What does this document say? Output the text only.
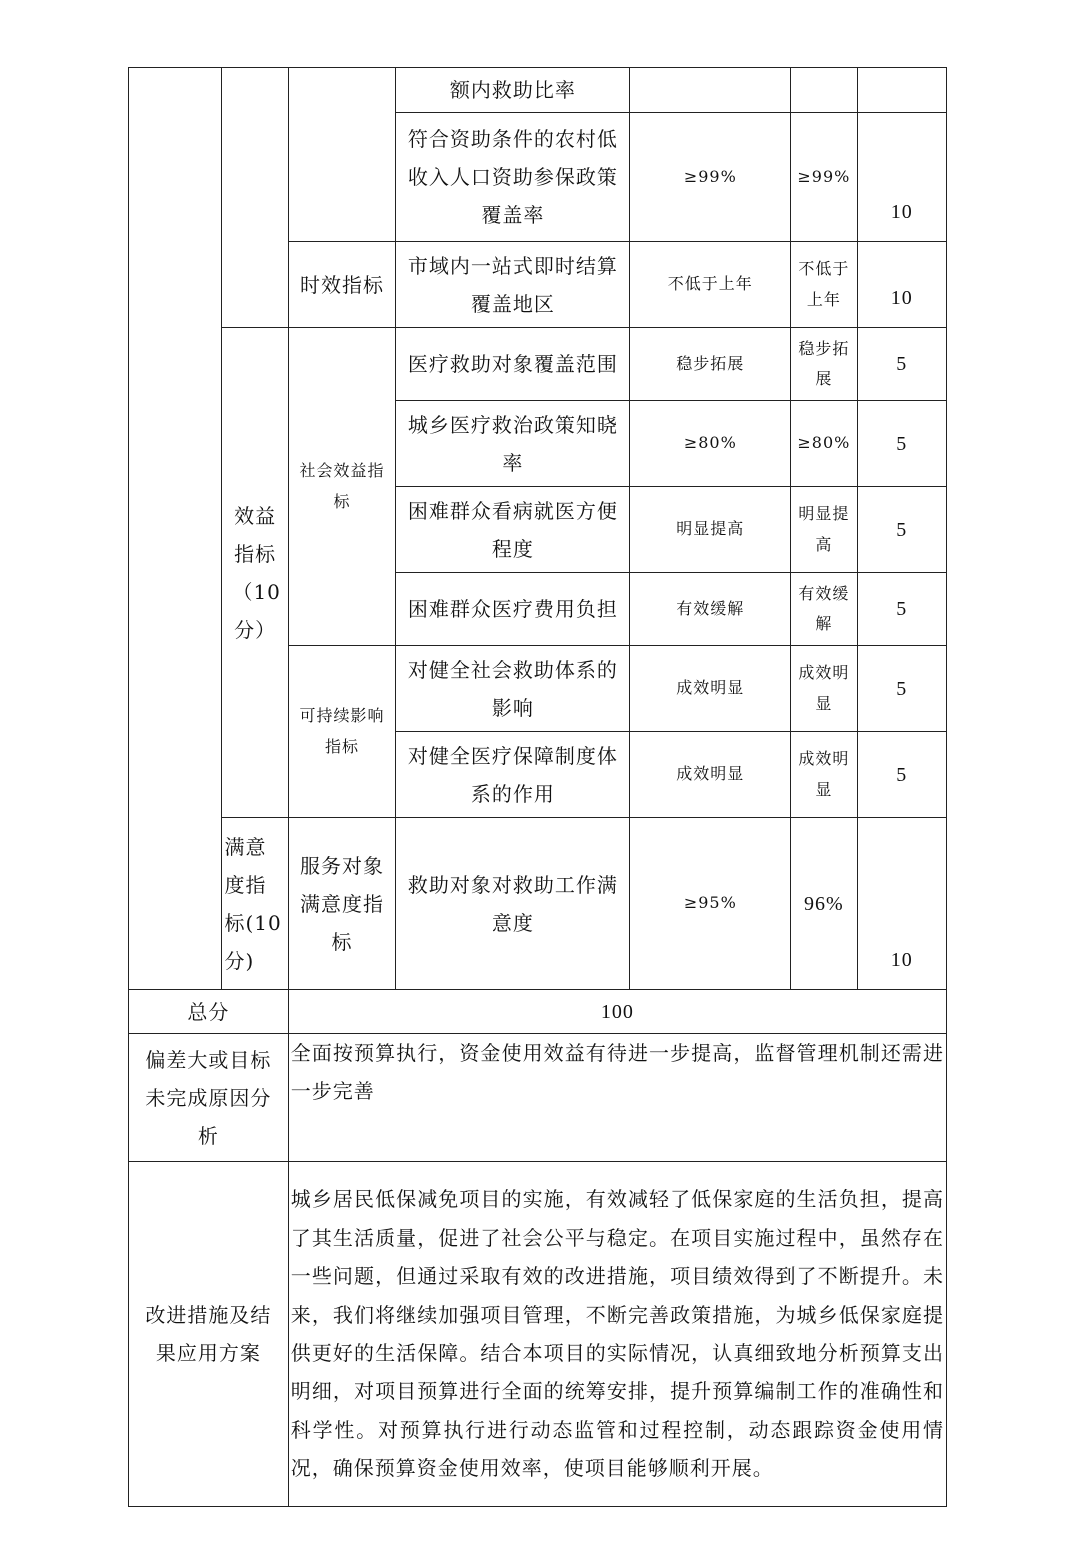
			额内救助比率			
			符合资助条件的农村低收入人口资助参保政策覆盖率	≥99%	≥99%	10
		时效指标	市域内一站式即时结算覆盖地区	不低于上年	不低于上年	10
	效益指标（10分）	社会效益指标	医疗救助对象覆盖范围	稳步拓展	稳步拓展	5
			城乡医疗救治政策知晓率	≥80%	≥80%	5
			困难群众看病就医方便程度	明显提高	明显提高	5
			困难群众医疗费用负担	有效缓解	有效缓解	5
		可持续影响指标	对健全社会救助体系的影响	成效明显	成效明显	5
			对健全医疗保障制度体系的作用	成效明显	成效明显	5
	满意度指标(10分)	服务对象满意度指标	救助对象对救助工作满意度	≥95%	96%	10
总分		100				
偏差大或目标未完成原因分析		全面按预算执行，资金使用效益有待进一步提高，监督管理机制还需进一步完善				
改进措施及结果应用方案		城乡居民低保减免项目的实施，有效减轻了低保家庭的生活负担，提高了其生活质量，促进了社会公平与稳定。在项目实施过程中，虽然存在一些问题，但通过采取有效的改进措施，项目绩效得到了不断提升。未来，我们将继续加强项目管理，不断完善政策措施，为城乡低保家庭提供更好的生活保障。结合本项目的实际情况，认真细致地分析预算支出明细，对项目预算进行全面的统筹安排，提升预算编制工作的准确性和科学性。对预算执行进行动态监管和过程控制，动态跟踪资金使用情况，确保预算资金使用效率，使项目能够顺利开展。				
